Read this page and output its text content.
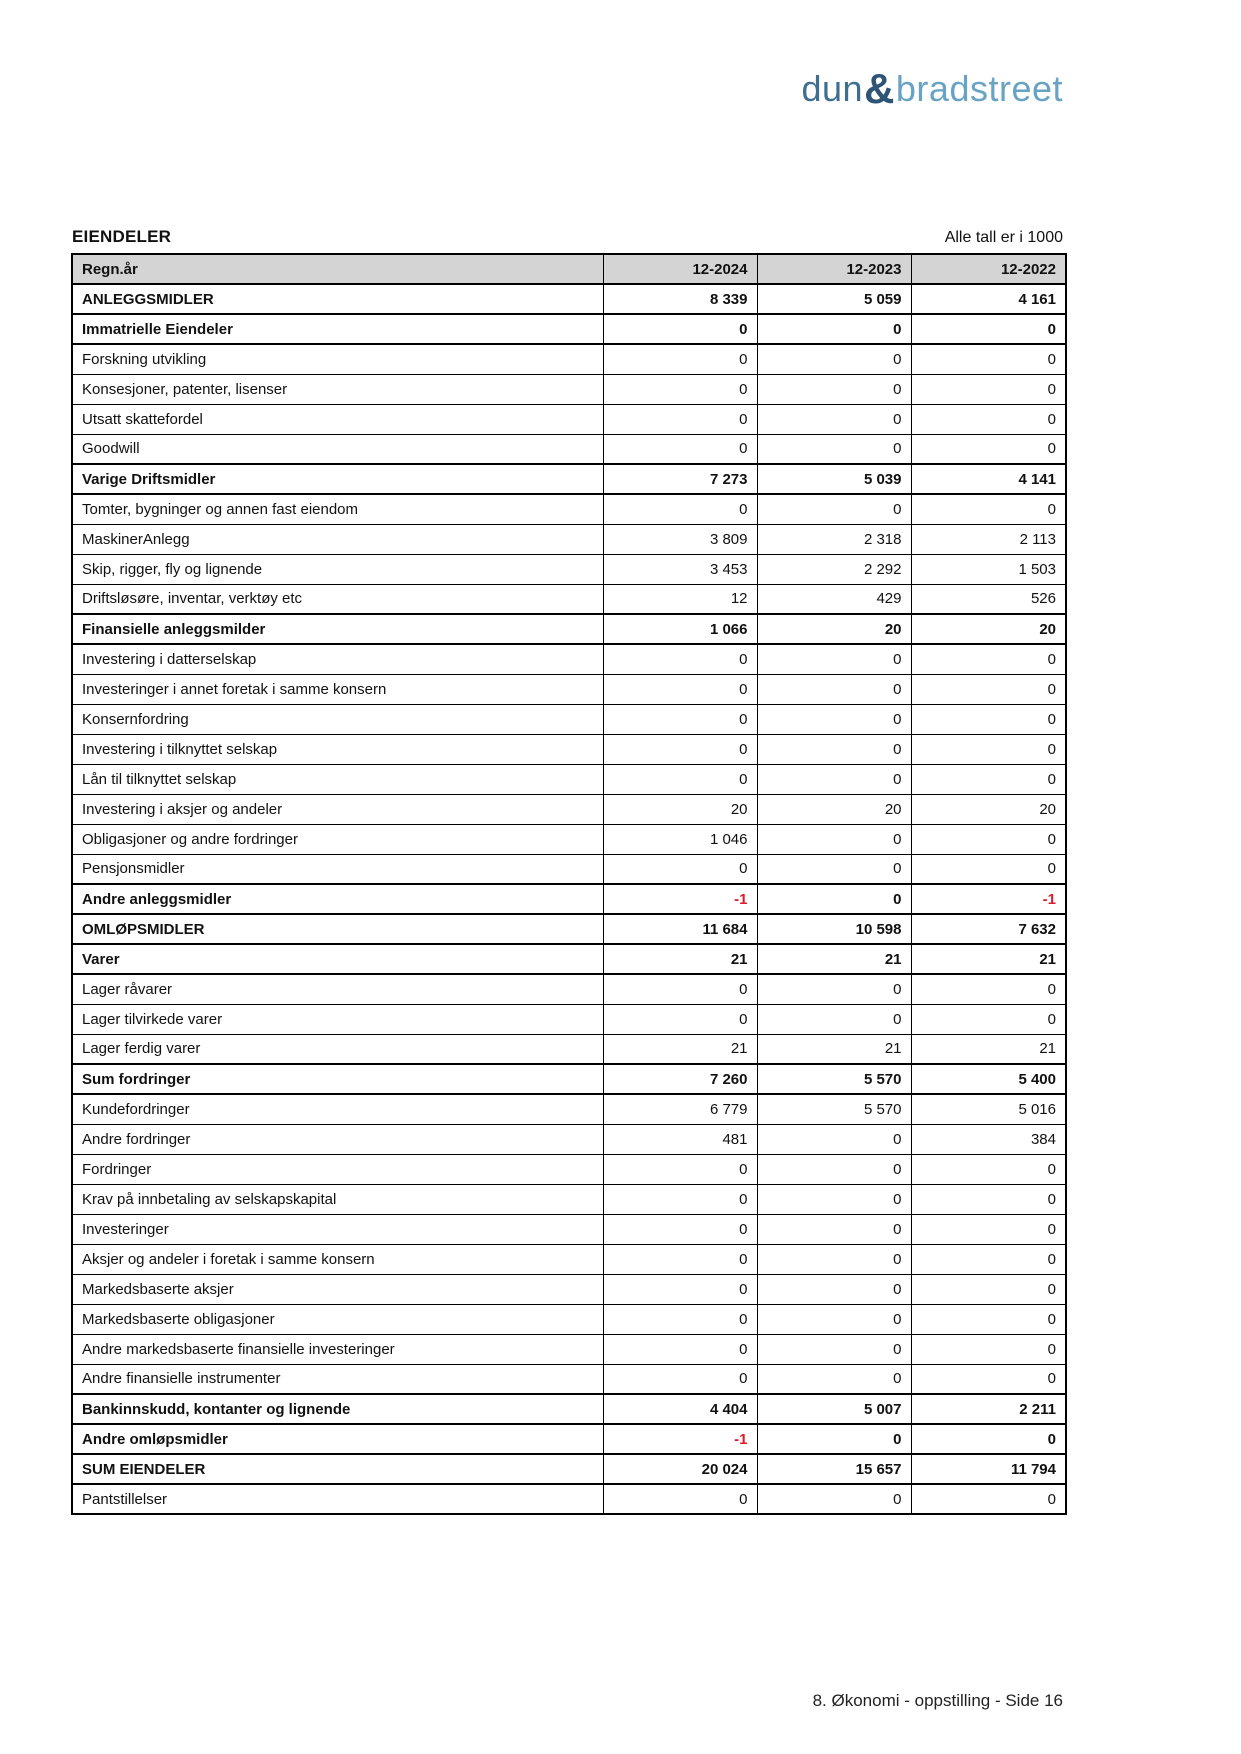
dun&bradstreet
EIENDELER	Alle tall er i 1000
Regn.år	12-2024	12-2023	12-2022
ANLEGGSMIDLER	8 339	5 059	4 161
Immatrielle Eiendeler	0	0	0
Forskning utvikling	0	0	0
Konsesjoner, patenter, lisenser	0	0	0
Utsatt skattefordel	0	0	0
Goodwill	0	0	0
Varige Driftsmidler	7 273	5 039	4 141
Tomter, bygninger og annen fast eiendom	0	0	0
MaskinerAnlegg	3 809	2 318	2 113
Skip, rigger, fly og lignende	3 453	2 292	1 503
Driftsløsøre, inventar, verktøy etc	12	429	526
Finansielle anleggsmilder	1 066	20	20
Investering i datterselskap	0	0	0
Investeringer i annet foretak i samme konsern	0	0	0
Konsernfordring	0	0	0
Investering i tilknyttet selskap	0	0	0
Lån til tilknyttet selskap	0	0	0
Investering i aksjer og andeler	20	20	20
Obligasjoner og andre fordringer	1 046	0	0
Pensjonsmidler	0	0	0
Andre anleggsmidler	-1	0	-1
OMLØPSMIDLER	11 684	10 598	7 632
Varer	21	21	21
Lager råvarer	0	0	0
Lager tilvirkede varer	0	0	0
Lager ferdig varer	21	21	21
Sum fordringer	7 260	5 570	5 400
Kundefordringer	6 779	5 570	5 016
Andre fordringer	481	0	384
Fordringer	0	0	0
Krav på innbetaling av selskapskapital	0	0	0
Investeringer	0	0	0
Aksjer og andeler i foretak i samme konsern	0	0	0
Markedsbaserte aksjer	0	0	0
Markedsbaserte obligasjoner	0	0	0
Andre markedsbaserte finansielle investeringer	0	0	0
Andre finansielle instrumenter	0	0	0
Bankinnskudd, kontanter og lignende	4 404	5 007	2 211
Andre omløpsmidler	-1	0	0
SUM EIENDELER	20 024	15 657	11 794
Pantstillelser	0	0	0
8. Økonomi - oppstilling - Side 16
